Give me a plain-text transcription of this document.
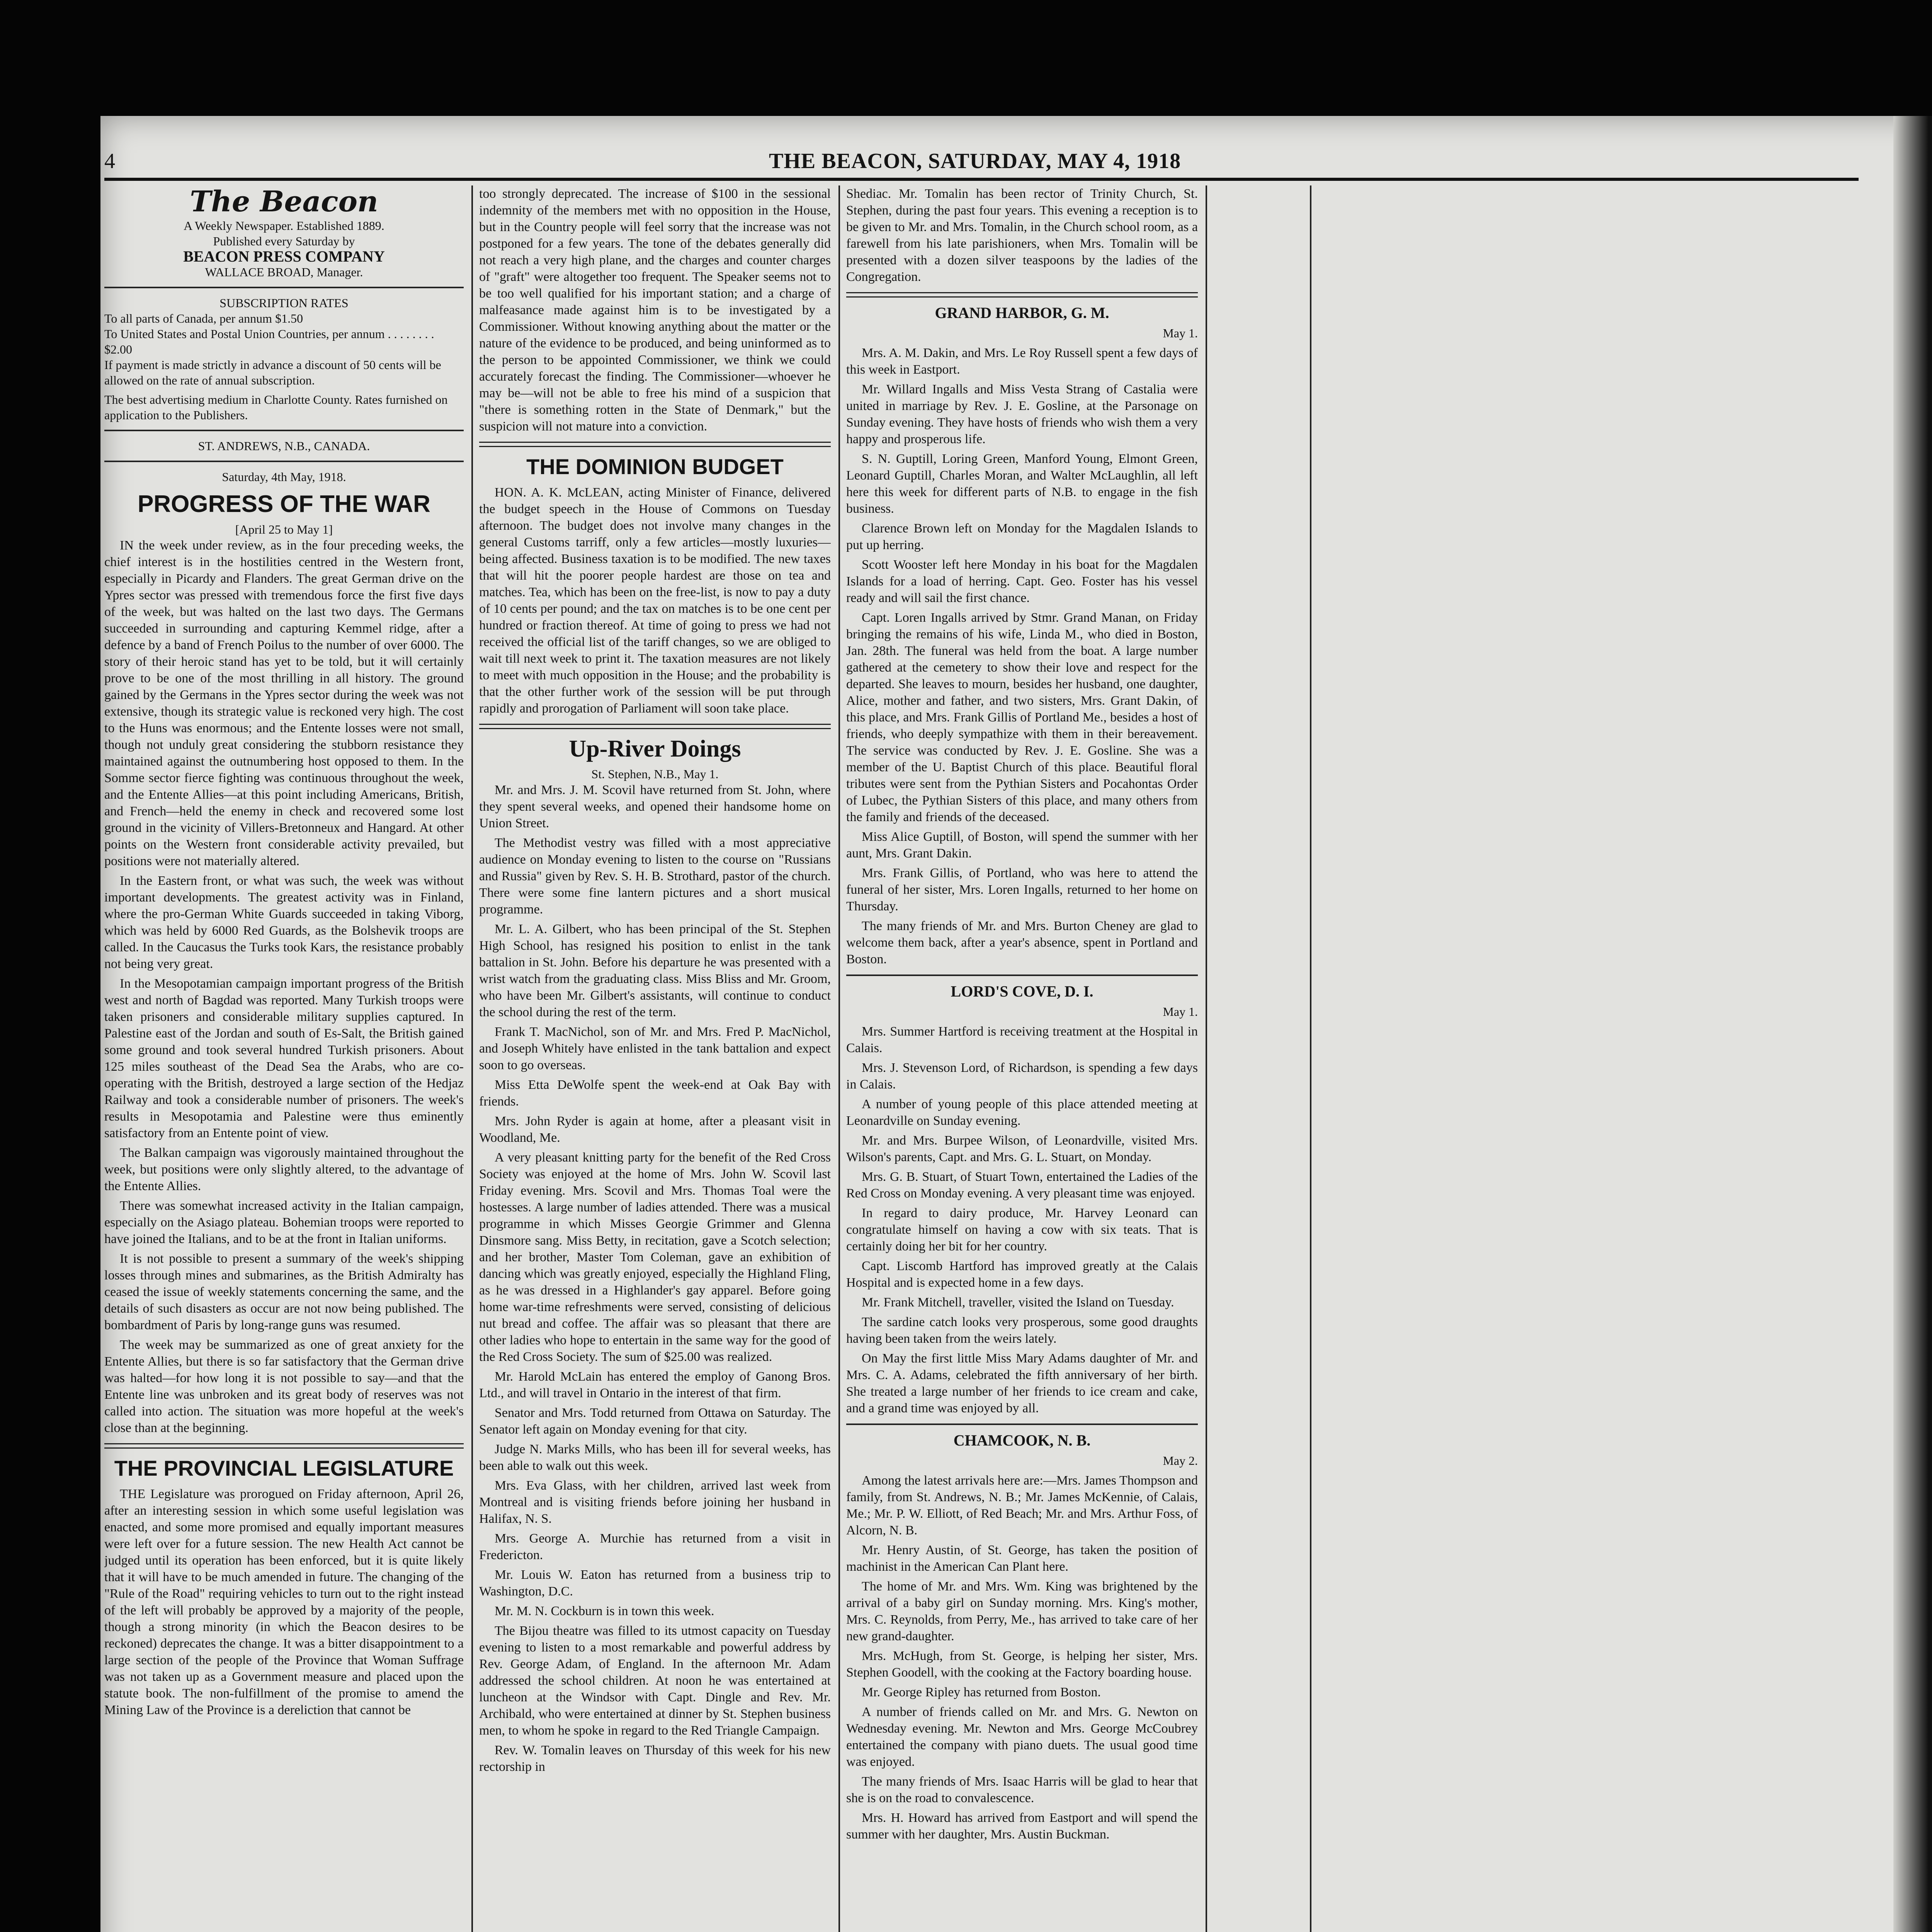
4	THE BEACON, SATURDAY, MAY 4, 1918
The Beacon
A Weekly Newspaper. Established 1889.
Published every Saturday by
BEACON PRESS COMPANY
WALLACE BROAD, Manager.
SUBSCRIPTION RATES
To all parts of Canada, per annum $1.50
To United States and Postal Union Countries, per annum . . . . . . . . $2.00
If payment is made strictly in advance a discount of 50 cents will be allowed on the rate of annual subscription.
The best advertising medium in Charlotte County. Rates furnished on application to the Publishers.
ST. ANDREWS, N.B., CANADA.
Saturday, 4th May, 1918.
PROGRESS OF THE WAR
[April 25 to May 1]

IN the week under review, as in the four preceding weeks, the chief interest is in the hostilities centred in the Western front, especially in Picardy and Flanders. The great German drive on the Ypres sector was pressed with tremendous force the first five days of the week, but was halted on the last two days. The Germans succeeded in surrounding and capturing Kemmel ridge, after a defence by a band of French Poilus to the number of over 6000. The story of their heroic stand has yet to be told, but it will certainly prove to be one of the most thrilling in all history. The ground gained by the Germans in the Ypres sector during the week was not extensive, though its strategic value is reckoned very high. The cost to the Huns was enormous; and the Entente losses were not small, though not unduly great considering the stubborn resistance they maintained against the outnumbering host opposed to them. In the Somme sector fierce fighting was continuous throughout the week, and the Entente Allies—at this point including Americans, British, and French—held the enemy in check and recovered some lost ground in the vicinity of Villers-Bretonneux and Hangard. At other points on the Western front considerable activity prevailed, but positions were not materially altered.

In the Eastern front, or what was such, the week was without important developments. The greatest activity was in Finland, where the pro-German White Guards succeeded in taking Viborg, which was held by 6000 Red Guards, as the Bolshevik troops are called. In the Caucasus the Turks took Kars, the resistance probably not being very great.

In the Mesopotamian campaign important progress of the British west and north of Bagdad was reported. Many Turkish troops were taken prisoners and considerable military supplies captured. In Palestine east of the Jordan and south of Es-Salt, the British gained some ground and took several hundred Turkish prisoners. About 125 miles southeast of the Dead Sea the Arabs, who are co-operating with the British, destroyed a large section of the Hedjaz Railway and took a considerable number of prisoners. The week's results in Mesopotamia and Palestine were thus eminently satisfactory from an Entente point of view.

The Balkan campaign was vigorously maintained throughout the week, but positions were only slightly altered, to the advantage of the Entente Allies.

There was somewhat increased activity in the Italian campaign, especially on the Asiago plateau. Bohemian troops were reported to have joined the Italians, and to be at the front in Italian uniforms.

It is not possible to present a summary of the week's shipping losses through mines and submarines, as the British Admiralty has ceased the issue of weekly statements concerning the same, and the details of such disasters as occur are not now being published. The bombardment of Paris by long-range guns was resumed.

The week may be summarized as one of great anxiety for the Entente Allies, but there is so far satisfactory that the German drive was halted—for how long it is not possible to say—and that the Entente line was unbroken and its great body of reserves was not called into action. The situation was more hopeful at the week's close than at the beginning.

THE PROVINCIAL LEGISLATURE

THE Legislature was prorogued on Friday afternoon, April 26, after an interesting session in which some useful legislation was enacted, and some more promised and equally important measures were left over for a future session. The new Health Act cannot be judged until its operation has been enforced, but it is quite likely that it will have to be much amended in future. The changing of the "Rule of the Road" requiring vehicles to turn out to the right instead of the left will probably be approved by a majority of the people, though a strong minority (in which the Beacon desires to be reckoned) deprecates the change. It was a bitter disappointment to a large section of the people of the Province that Woman Suffrage was not taken up as a Government measure and placed upon the statute book. The non-fulfillment of the promise to amend the Mining Law of the Province is a dereliction that cannot be

too strongly deprecated. The increase of $100 in the sessional indemnity of the members met with no opposition in the House, but in the Country people will feel sorry that the increase was not postponed for a few years. The tone of the debates generally did not reach a very high plane, and the charges and counter charges of "graft" were altogether too frequent. The Speaker seems not to be too well qualified for his important station; and a charge of malfeasance made against him is to be investigated by a Commissioner. Without knowing anything about the matter or the nature of the evidence to be produced, and being uninformed as to the person to be appointed Commissioner, we think we could accurately forecast the finding. The Commissioner—whoever he may be—will not be able to free his mind of a suspicion that "there is something rotten in the State of Denmark," but the suspicion will not mature into a conviction.

THE DOMINION BUDGET

HON. A. K. McLEAN, acting Minister of Finance, delivered the budget speech in the House of Commons on Tuesday afternoon. The budget does not involve many changes in the general Customs tarriff, only a few articles—mostly luxuries—being affected. Business taxation is to be modified. The new taxes that will hit the poorer people hardest are those on tea and matches. Tea, which has been on the free-list, is now to pay a duty of 10 cents per pound; and the tax on matches is to be one cent per hundred or fraction thereof. At time of going to press we had not received the official list of the tariff changes, so we are obliged to wait till next week to print it. The taxation measures are not likely to meet with much opposition in the House; and the probability is that the other further work of the session will be put through rapidly and prorogation of Parliament will soon take place.

Up-River Doings
St. Stephen, N.B., May 1.

Mr. and Mrs. J. M. Scovil have returned from St. John, where they spent several weeks, and opened their handsome home on Union Street.

The Methodist vestry was filled with a most appreciative audience on Monday evening to listen to the course on "Russians and Russia" given by Rev. S. H. B. Strothard, pastor of the church. There were some fine lantern pictures and a short musical programme.

Mr. L. A. Gilbert, who has been principal of the St. Stephen High School, has resigned his position to enlist in the tank battalion in St. John. Before his departure he was presented with a wrist watch from the graduating class. Miss Bliss and Mr. Groom, who have been Mr. Gilbert's assistants, will continue to conduct the school during the rest of the term.

Frank T. MacNichol, son of Mr. and Mrs. Fred P. MacNichol, and Joseph Whitely have enlisted in the tank battalion and expect soon to go overseas.

Miss Etta DeWolfe spent the week-end at Oak Bay with friends.

Mrs. John Ryder is again at home, after a pleasant visit in Woodland, Me.

A very pleasant knitting party for the benefit of the Red Cross Society was enjoyed at the home of Mrs. John W. Scovil last Friday evening. Mrs. Scovil and Mrs. Thomas Toal were the hostesses. A large number of ladies attended. There was a musical programme in which Misses Georgie Grimmer and Glenna Dinsmore sang. Miss Betty, in recitation, gave a Scotch selection; and her brother, Master Tom Coleman, gave an exhibition of dancing which was greatly enjoyed, especially the Highland Fling, as he was dressed in a Highlander's gay apparel. Before going home war-time refreshments were served, consisting of delicious nut bread and coffee. The affair was so pleasant that there are other ladies who hope to entertain in the same way for the good of the Red Cross Society. The sum of $25.00 was realized.

Mr. Harold McLain has entered the employ of Ganong Bros. Ltd., and will travel in Ontario in the interest of that firm.

Senator and Mrs. Todd returned from Ottawa on Saturday. The Senator left again on Monday evening for that city.

Judge N. Marks Mills, who has been ill for several weeks, has been able to walk out this week.

Mrs. Eva Glass, with her children, arrived last week from Montreal and is visiting friends before joining her husband in Halifax, N. S.

Mrs. George A. Murchie has returned from a visit in Fredericton.

Mr. Louis W. Eaton has returned from a business trip to Washington, D.C.

Mr. M. N. Cockburn is in town this week.

The Bijou theatre was filled to its utmost capacity on Tuesday evening to listen to a most remarkable and powerful address by Rev. George Adam, of England. In the afternoon Mr. Adam addressed the school children. At noon he was entertained at luncheon at the Windsor with Capt. Dingle and Rev. Mr. Archibald, who were entertained at dinner by St. Stephen business men, to whom he spoke in regard to the Red Triangle Campaign.

Rev. W. Tomalin leaves on Thursday of this week for his new rectorship in

Shediac. Mr. Tomalin has been rector of Trinity Church, St. Stephen, during the past four years. This evening a reception is to be given to Mr. and Mrs. Tomalin, in the Church school room, as a farewell from his late parishioners, when Mrs. Tomalin will be presented with a dozen silver teaspoons by the ladies of the Congregation.

GRAND HARBOR, G. M.
May 1.

Mrs. A. M. Dakin, and Mrs. Le Roy Russell spent a few days of this week in Eastport.

Mr. Willard Ingalls and Miss Vesta Strang of Castalia were united in marriage by Rev. J. E. Gosline, at the Parsonage on Sunday evening. They have hosts of friends who wish them a very happy and prosperous life.

S. N. Guptill, Loring Green, Manford Young, Elmont Green, Leonard Guptill, Charles Moran, and Walter McLaughlin, all left here this week for different parts of N.B. to engage in the fish business.

Clarence Brown left on Monday for the Magdalen Islands to put up herring.

Scott Wooster left here Monday in his boat for the Magdalen Islands for a load of herring. Capt. Geo. Foster has his vessel ready and will sail the first chance.

Capt. Loren Ingalls arrived by Stmr. Grand Manan, on Friday bringing the remains of his wife, Linda M., who died in Boston, Jan. 28th. The funeral was held from the boat. A large number gathered at the cemetery to show their love and respect for the departed. She leaves to mourn, besides her husband, one daughter, Alice, mother and father, and two sisters, Mrs. Grant Dakin, of this place, and Mrs. Frank Gillis of Portland Me., besides a host of friends, who deeply sympathize with them in their bereavement. The service was conducted by Rev. J. E. Gosline. She was a member of the U. Baptist Church of this place. Beautiful floral tributes were sent from the Pythian Sisters and Pocahontas Order of Lubec, the Pythian Sisters of this place, and many others from the family and friends of the deceased.

Miss Alice Guptill, of Boston, will spend the summer with her aunt, Mrs. Grant Dakin.

Mrs. Frank Gillis, of Portland, who was here to attend the funeral of her sister, Mrs. Loren Ingalls, returned to her home on Thursday.

The many friends of Mr. and Mrs. Burton Cheney are glad to welcome them back, after a year's absence, spent in Portland and Boston.

LORD'S COVE, D. I.
May 1.

Mrs. Summer Hartford is receiving treatment at the Hospital in Calais.

Mrs. J. Stevenson Lord, of Richardson, is spending a few days in Calais.

A number of young people of this place attended meeting at Leonardville on Sunday evening.

Mr. and Mrs. Burpee Wilson, of Leonardville, visited Mrs. Wilson's parents, Capt. and Mrs. G. L. Stuart, on Monday.

Mrs. G. B. Stuart, of Stuart Town, entertained the Ladies of the Red Cross on Monday evening. A very pleasant time was enjoyed.

In regard to dairy produce, Mr. Harvey Leonard can congratulate himself on having a cow with six teats. That is certainly doing her bit for her country.

Capt. Liscomb Hartford has improved greatly at the Calais Hospital and is expected home in a few days.

Mr. Frank Mitchell, traveller, visited the Island on Tuesday.

The sardine catch looks very prosperous, some good draughts having been taken from the weirs lately.

On May the first little Miss Mary Adams daughter of Mr. and Mrs. C. A. Adams, celebrated the fifth anniversary of her birth. She treated a large number of her friends to ice cream and cake, and a grand time was enjoyed by all.

CHAMCOOK, N. B.
May 2.

Among the latest arrivals here are:—Mrs. James Thompson and family, from St. Andrews, N. B.; Mr. James McKennie, of Calais, Me.; Mr. P. W. Elliott, of Red Beach; Mr. and Mrs. Arthur Foss, of Alcorn, N. B.

Mr. Henry Austin, of St. George, has taken the position of machinist in the American Can Plant here.

The home of Mr. and Mrs. Wm. King was brightened by the arrival of a baby girl on Sunday morning. Mrs. King's mother, Mrs. C. Reynolds, from Perry, Me., has arrived to take care of her new grand-daughter.

Mrs. McHugh, from St. George, is helping her sister, Mrs. Stephen Goodell, with the cooking at the Factory boarding house.

Mr. George Ripley has returned from Boston.

A number of friends called on Mr. and Mrs. G. Newton on Wednesday evening. Mr. Newton and Mrs. George McCoubrey entertained the company with piano duets. The usual good time was enjoyed.

The many friends of Mrs. Isaac Harris will be glad to hear that she is on the road to convalescence.

Mrs. H. Howard has arrived from Eastport and will spend the summer with her daughter, Mrs. Austin Buckman.
